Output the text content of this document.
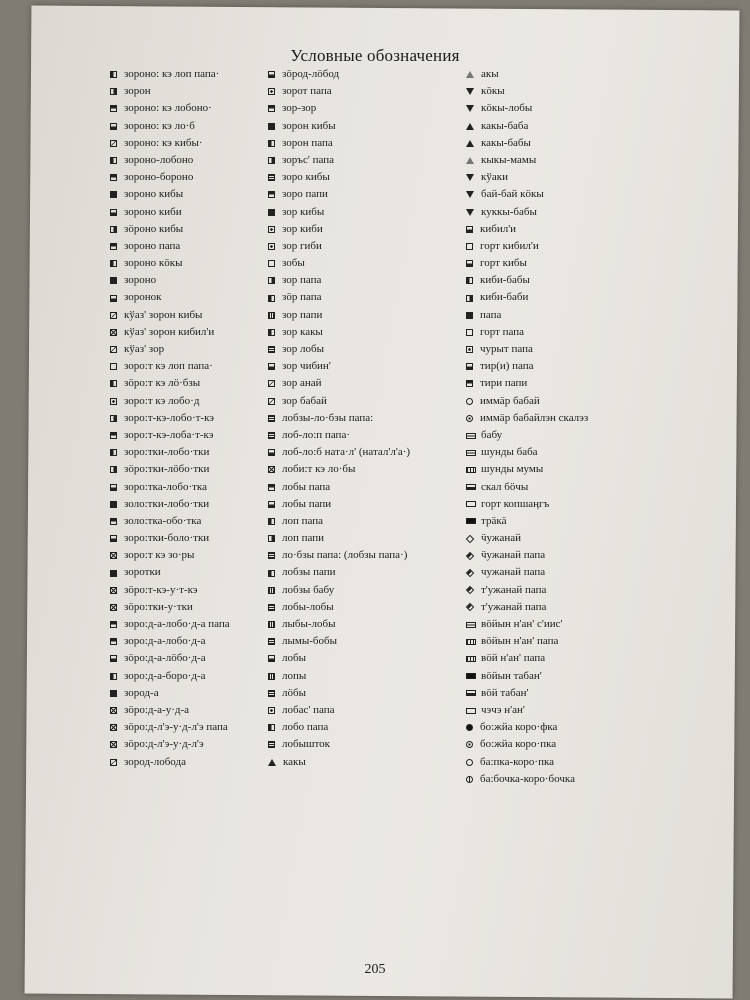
Условные обозначения
зороно: кэ лоп папа·
зорон
зороно: кэ лобоно·
зороно: кэ ло·б
зороно: кэ кибы·
зороно-лобоно
зороно-бороно
зороно кибы
зороно киби
зӧроно кибы
зороно папа
зороно кӧкы
зороно
зоронок
кўаз' зорон кибы
кўаз' зорон кибил'и
кўаз' зор
зоро:т кэ лоп папа·
зӧро:т кэ лӧ·бзы
зоро:т кэ лобо·д
зоро:т-кэ-лобо·т-кэ
зоро:т-кэ-лоба·т-кэ
зоро:тки-лобо·тки
зӧро:тки-лӧбо·тки
зоро:тка-лобо·тка
золо:тки-лобо·тки
золо:тка-обо·тка
зоро:тки-боло·тки
зоро:т кэ зо·ры
зоротки
зӧро:т-кэ-у·т-кэ
зӧро:тки-у·тки
зоро:д-а-лобо·д-а папа
зоро:д-а-лобо·д-а
зӧро:д-а-лӧбо·д-а
зоро:д-а-боро·д-а
зород-а
зӧро:д-а-у·д-а
зӧро:д-л'э-у·д-л'э папа
зӧро:д-л'э-у·д-л'э
зород-лобода
зӧрод-лӧбод
зорот папа
зор-зор
зорон кибы
зорон папа
зоръс' папа
зоро кибы
зоро папи
зор кибы
зор киби
зор гиби
зобы
зор папа
зӧр папа
зор папи
зор какы
зор лобы
зор чибин'
зор анай
зор бабай
лобзы-ло·бзы папа:
лоб-ло:п папа·
лоб-ло:б ната·л' (натал'л'а·)
лоби:т кэ ло·бы
лобы папа
лобы папи
лоп папа
лоп папи
ло·бзы папа: (лобзы папа·)
лобзы папи
лобзы бабу
лобы-лобы
лыбы-лобы
лымы-бобы
лобы
лопы
лӧбы
лобас' папа
лобо папа
лобышток
какы
акы
кӧкы
кӧкы-лобы
какы-баба
какы-бабы
кыкы-мамы
кўаки
бай-бай кӧкы
куккы-бабы
кибил'и
горт кибил'и
горт кибы
киби-бабы
киби-баби
папа
горт папа
чурыт папа
тир(и) папа
тири папи
иммӓр бабай
иммӓр бабайлэн скалэз
бабу
шунды баба
шунды мумы
скал бӧчы
горт копшаӊгъ
трӓкӓ
ӵужанай
ӵужанай папа
чужанай папа
т'ужанай папа
т'ужанай папа
вӧйын н'ан' с'иис'
вӧйын н'ан' папа
вӧй н'ан' папа
вӧйын табан'
вӧй табан'
чэчэ н'ан'
бо:жйа коро·фка
бо:жйа коро·пка
ба:пка-коро·пка
ба:бочка-коро·бочка
205
